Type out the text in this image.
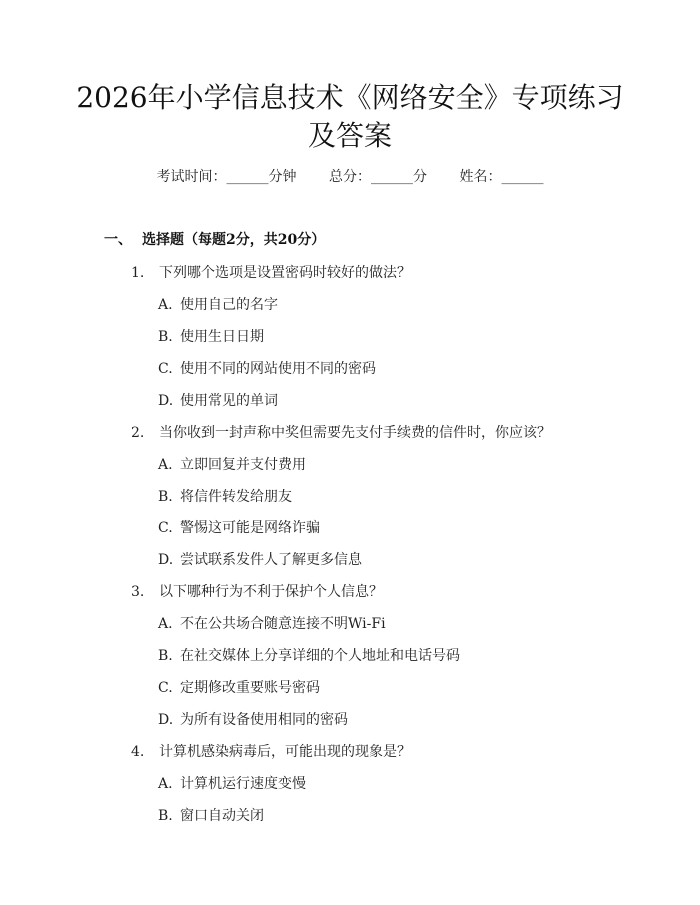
2026年小学信息技术《网络安全》专项练习
及答案
考试时间：______分钟 总分：______分 姓名：______
一、 选择题（每题2分，共20分）
1. 下列哪个选项是设置密码时较好的做法？
A. 使用自己的名字
B. 使用生日日期
C. 使用不同的网站使用不同的密码
D. 使用常见的单词
2. 当你收到一封声称中奖但需要先支付手续费的信件时，你应该？
A. 立即回复并支付费用
B. 将信件转发给朋友
C. 警惕这可能是网络诈骗
D. 尝试联系发件人了解更多信息
3. 以下哪种行为不利于保护个人信息？
A. 不在公共场合随意连接不明Wi-Fi
B. 在社交媒体上分享详细的个人地址和电话号码
C. 定期修改重要账号密码
D. 为所有设备使用相同的密码
4. 计算机感染病毒后，可能出现的现象是？
A. 计算机运行速度变慢
B. 窗口自动关闭
